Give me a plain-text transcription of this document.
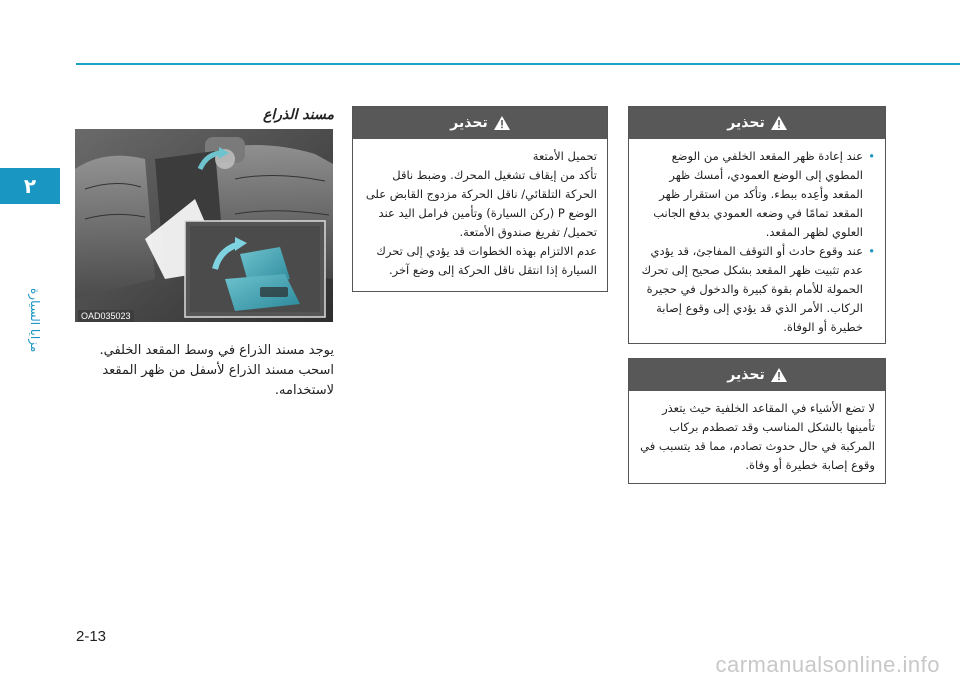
٢
مزايا السيارة
مسند الذراع
OAD035023
يوجد مسند الذراع في وسط المقعد الخلفي. اسحب مسند الذراع لأسفل من ظهر المقعد لاستخدامه.
تحذير

تحميل الأمتعة

تأكد من إيقاف تشغيل المحرك. وضبط ناقل الحركة التلقائي/ ناقل الحركة مزدوج القابض على الوضع P (ركن السيارة) وتأمين فرامل اليد عند تحميل/ تفريغ صندوق الأمتعة.

عدم الالتزام بهذه الخطوات قد يؤدي إلى تحرك السيارة إذا انتقل ناقل الحركة إلى وضع آخر.

تحذير

• عند إعادة ظهر المقعد الخلفي من الوضع المطوي إلى الوضع العمودي، أمسك ظهر المقعد وأعِده ببطء. وتأكد من استقرار ظهر المقعد تمامًا في وضعه العمودي بدفع الجانب العلوي لظهر المقعد.

• عند وقوع حادث أو التوقف المفاجئ، قد يؤدي عدم تثبيت ظهر المقعد بشكل صحيح إلى تحرك الحمولة للأمام بقوة كبيرة والدخول في حجيرة الركاب. الأمر الذي قد يؤدي إلى وقوع إصابة خطيرة أو الوفاة.

تحذير

لا تضع الأشياء في المقاعد الخلفية حيث يتعذر تأمينها بالشكل المناسب وقد تصطدم بركاب المركبة في حال حدوث تصادم، مما قد يتسبب في وقوع إصابة خطيرة أو وفاة.

2-13
carmanualsonline.info
